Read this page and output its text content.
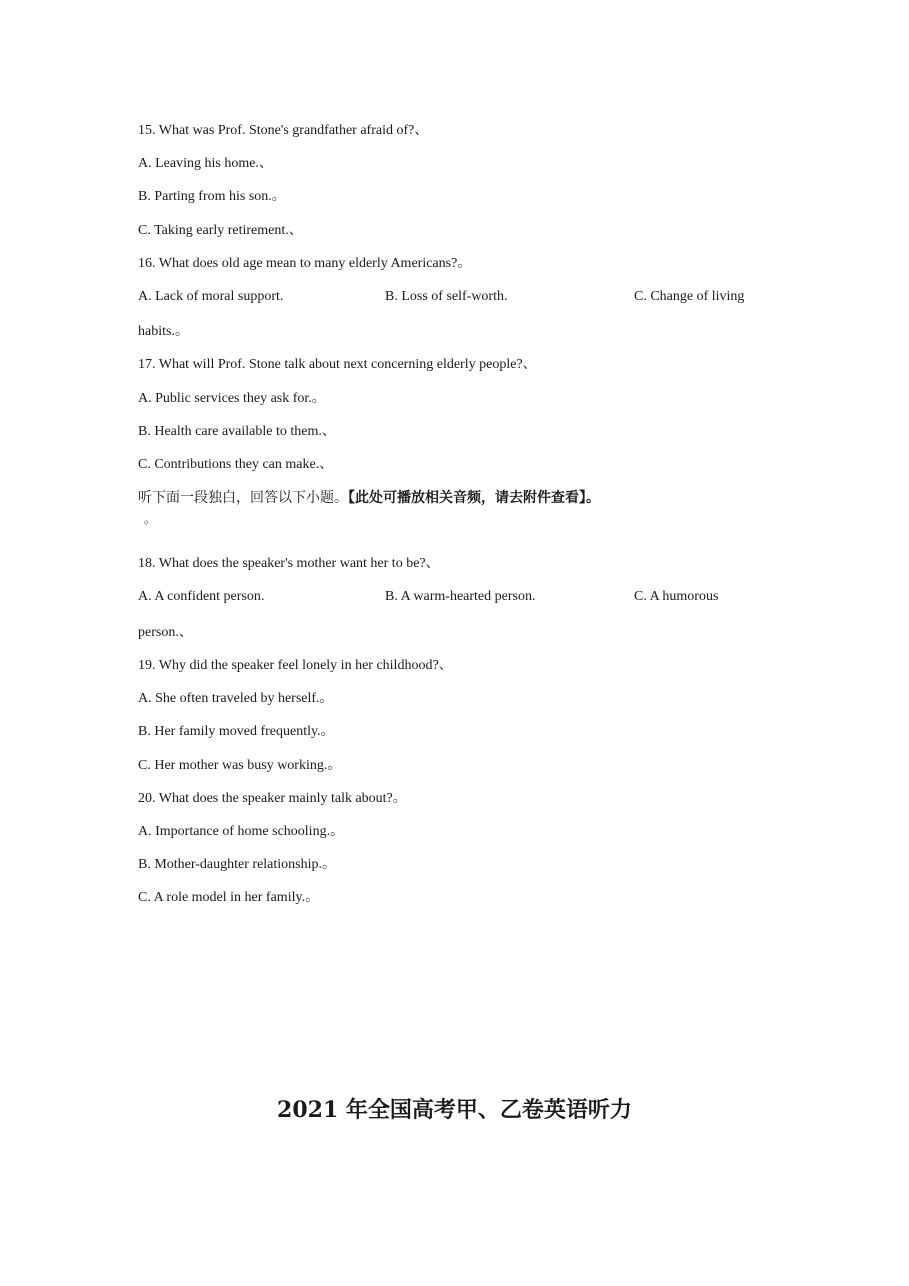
15. What was Prof. Stone's grandfather afraid of?、
A. Leaving his home.、
B. Parting from his son.。
C. Taking early retirement.、
16. What does old age mean to many elderly Americans?。
A. Lack of moral support.	B. Loss of self-worth.	C. Change of living
habits.。
17. What will Prof. Stone talk about next concerning elderly people?、
A. Public services they ask for.。
B. Health care available to them.、
C. Contributions they can make.、
听下面一段独白，回答以下小题。【此处可播放相关音频，请去附件查看】。
。
18. What does the speaker's mother want her to be?、
A. A confident person.	B. A warm-hearted person.	C. A humorous
person.、
19. Why did the speaker feel lonely in her childhood?、
A. She often traveled by herself.。
B. Her family moved frequently.。
C. Her mother was busy working.。
20. What does the speaker mainly talk about?。
A. Importance of home schooling.。
B. Mother-daughter relationship.。
C. A role model in her family.。
2021 年全国高考甲、乙卷英语听力
